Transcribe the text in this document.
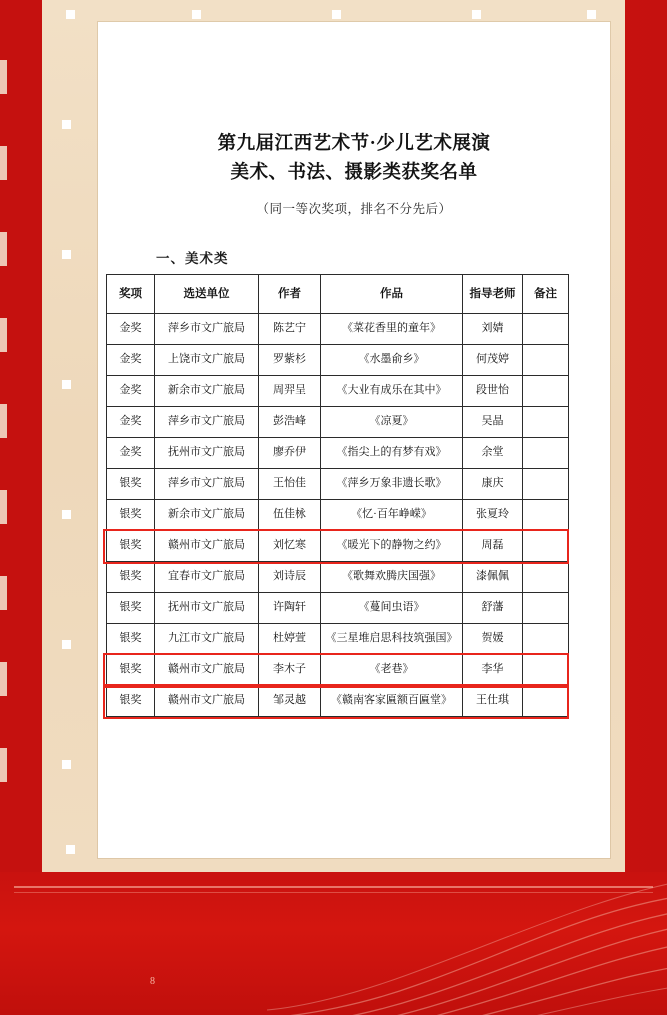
第九届江西艺术节·少儿艺术展演
美术、书法、摄影类获奖名单
（同一等次奖项，排名不分先后）
一、美术类
奖项	选送单位	作者	作品	指导老师	备注
金奖	萍乡市文广旅局	陈艺宁	《菜花香里的童年》	刘婧	
金奖	上饶市文广旅局	罗紫杉	《水墨俞乡》	何茂婷	
金奖	新余市文广旅局	周羿呈	《大业有成乐在其中》	段世怡	
金奖	萍乡市文广旅局	彭浩峰	《凉夏》	吴晶	
金奖	抚州市文广旅局	廖乔伊	《指尖上的有梦有戏》	余堂	
银奖	萍乡市文广旅局	王怡佳	《萍乡万象非遗长歌》	康庆	
银奖	新余市文广旅局	伍佳栐	《忆·百年峥嵘》	张夏玲	
银奖	赣州市文广旅局	刘忆寒	《暖光下的静物之约》	周磊	
银奖	宜春市文广旅局	刘诗辰	《歌舞欢腾庆国强》	漆佩佩	
银奖	抚州市文广旅局	许陶轩	《蔓间虫语》	舒藩	
银奖	九江市文广旅局	杜婷萱	《三星堆启思科技筑强国》	贺媛	
银奖	赣州市文广旅局	李木子	《老巷》	李华	
银奖	赣州市文广旅局	邹灵越	《赣南客家匾额百匾堂》	王仕琪	
8
